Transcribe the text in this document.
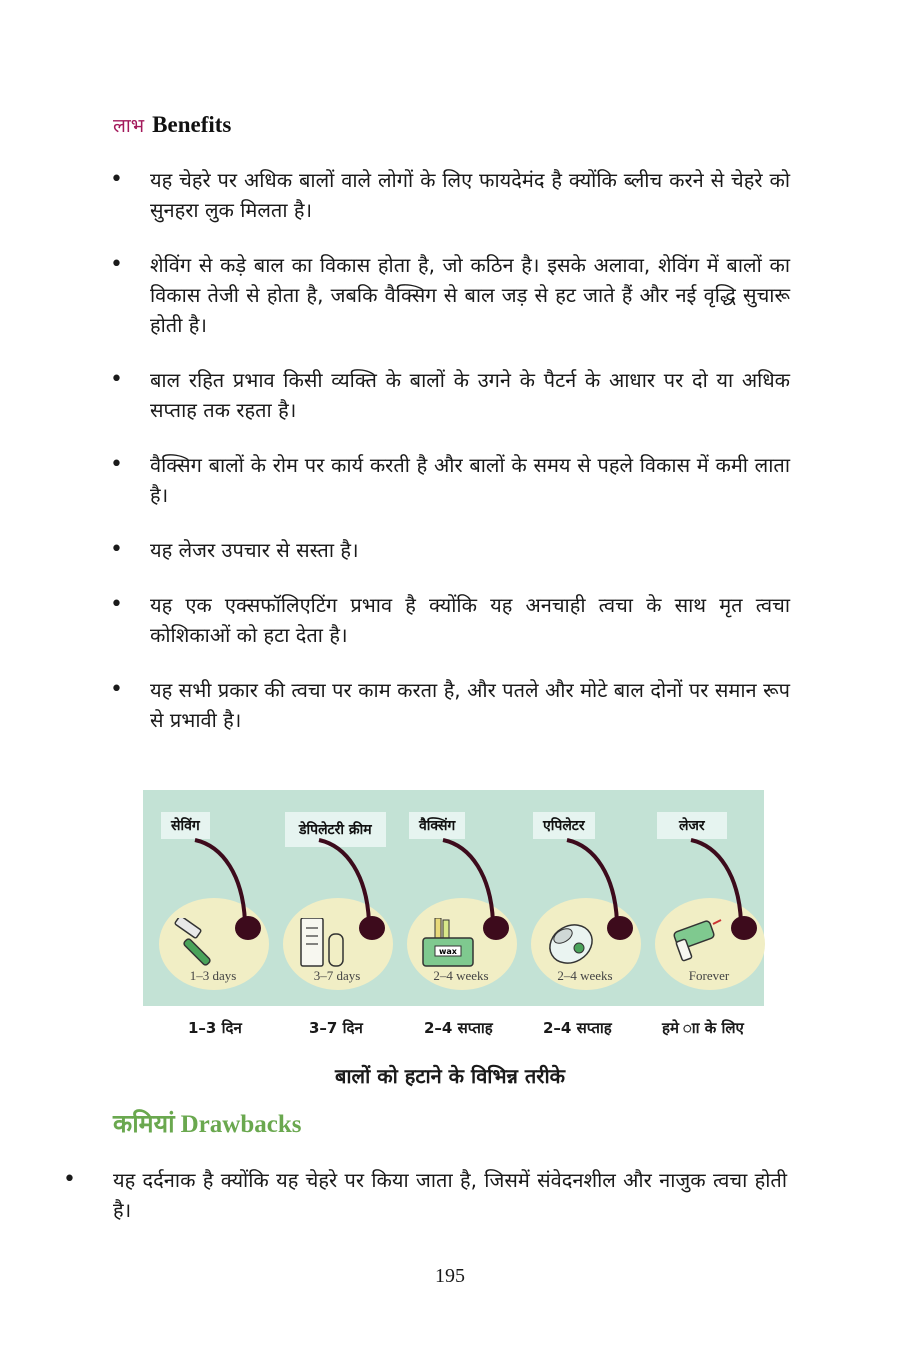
लाभ Benefits
• यह चेहरे पर अधिक बालों वाले लोगों के लिए फायदेमंद है क्योंकि ब्लीच करने से चेहरे को सुनहरा लुक मिलता है।
• शेविंग से कड़े बाल का विकास होता है, जो कठिन है। इसके अलावा, शेविंग में बालों का विकास तेजी से होता है, जबकि वैक्सिग से बाल जड़ से हट जाते हैं और नई वृद्धि सुचारू होती है।
• बाल रहित प्रभाव किसी व्यक्ति के बालों के उगने के पैटर्न के आधार पर दो या अधिक सप्ताह तक रहता है।
• वैक्सिग बालों के रोम पर कार्य करती है और बालों के समय से पहले विकास में कमी लाता है।
• यह लेजर उपचार से सस्ता है।
• यह एक एक्सफॉलिएटिंग प्रभाव है क्योंकि यह अनचाही त्वचा के साथ मृत त्वचा कोशिकाओं को हटा देता है।
• यह सभी प्रकार की त्वचा पर काम करता है, और पतले और मोटे बाल दोनों पर समान रूप से प्रभावी है।
सेविंग
1–3 days
डेपिलेटरी क्रीम
3–7 days
वैक्सिंग
wax
2–4 weeks
एपिलेटर
2–4 weeks
लेजर
Forever
1–3 दिन	3–7 दिन	2–4 सप्ताह	2–4 सप्ताह	हमे ाा के लिए
बालों को हटाने के विभिन्न तरीके
कमियां Drawbacks
• यह दर्दनाक है क्योंकि यह चेहरे पर किया जाता है, जिसमें संवेदनशील और नाजुक त्वचा होती है।
195
